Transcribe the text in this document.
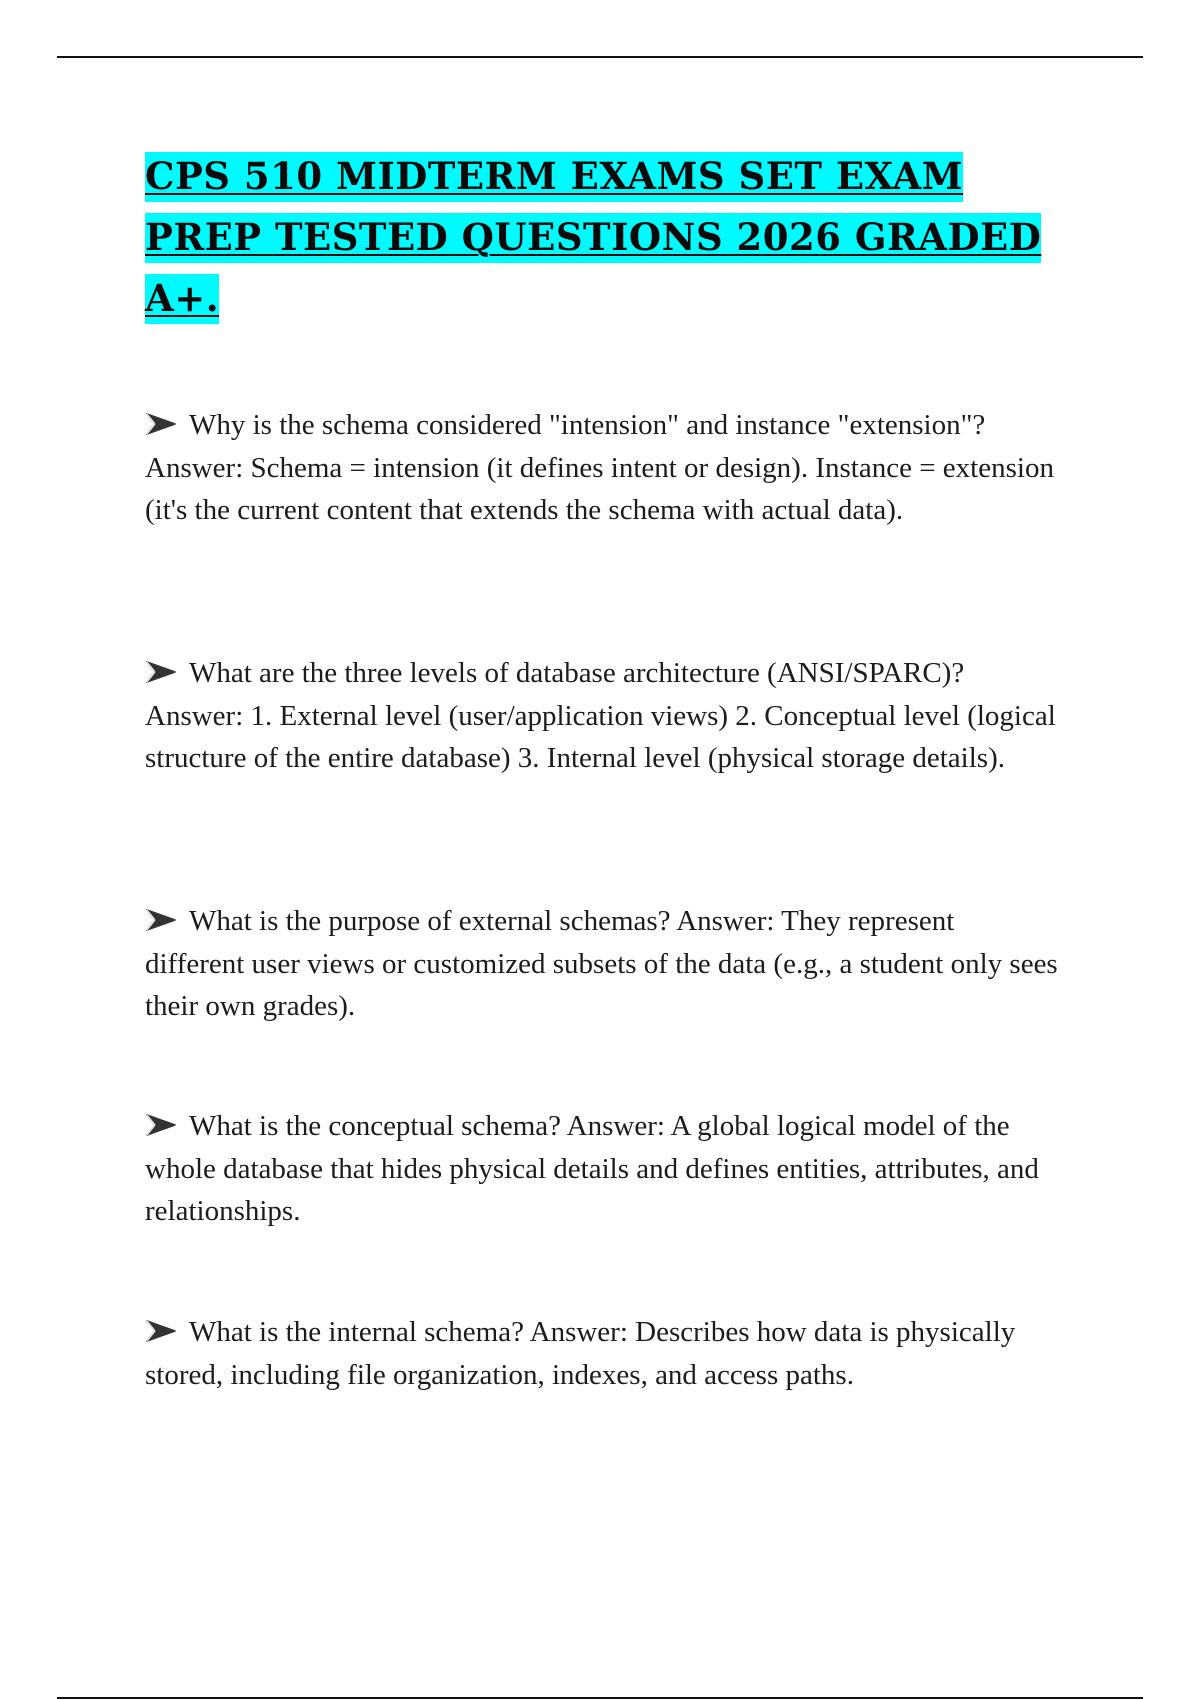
CPS 510 MIDTERM EXAMS SET EXAM PREP TESTED QUESTIONS 2026 GRADED A+.

Why is the schema considered "intension" and instance "extension"? Answer: Schema = intension (it defines intent or design). Instance = extension (it's the current content that extends the schema with actual data).

What are the three levels of database architecture (ANSI/SPARC)? Answer: 1. External level (user/application views) 2. Conceptual level (logical structure of the entire database) 3. Internal level (physical storage details).

What is the purpose of external schemas? Answer: They represent different user views or customized subsets of the data (e.g., a student only sees their own grades).

What is the conceptual schema? Answer: A global logical model of the whole database that hides physical details and defines entities, attributes, and relationships.

What is the internal schema? Answer: Describes how data is physically stored, including file organization, indexes, and access paths.
